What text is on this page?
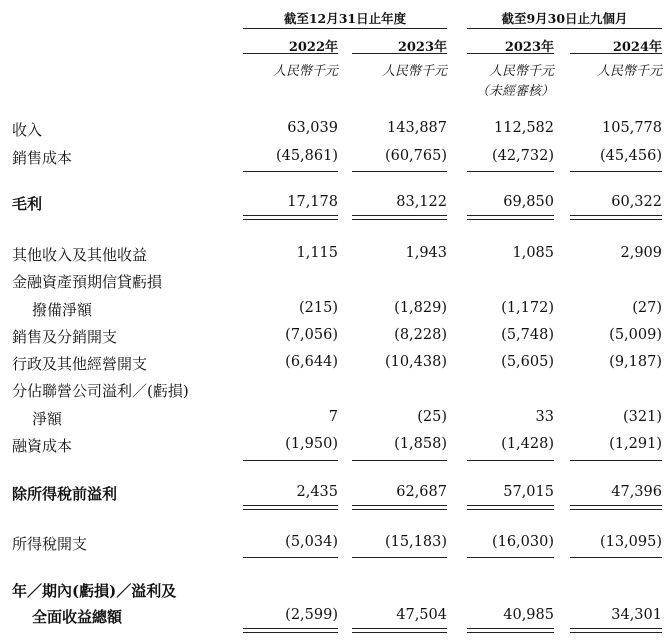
截至12月31日止年度	截至9月30日止九個月
2022年	2023年	2023年	2024年
人民幣千元	人民幣千元	人民幣千元	人民幣千元
（未經審核）
收入	63,039	143,887	112,582	105,778
銷售成本	(45,861)	(60,765)	(42,732)	(45,456)
毛利	17,178	83,122	69,850	60,322
其他收入及其他收益	1,115	1,943	1,085	2,909
金融資產預期信貸虧損
撥備淨額	(215)	(1,829)	(1,172)	(27)
銷售及分銷開支	(7,056)	(8,228)	(5,748)	(5,009)
行政及其他經營開支	(6,644)	(10,438)	(5,605)	(9,187)
分佔聯營公司溢利／(虧損)
淨額	7	(25)	33	(321)
融資成本	(1,950)	(1,858)	(1,428)	(1,291)
除所得稅前溢利	2,435	62,687	57,015	47,396
所得稅開支	(5,034)	(15,183)	(16,030)	(13,095)
年／期內(虧損)／溢利及
全面收益總額	(2,599)	47,504	40,985	34,301
